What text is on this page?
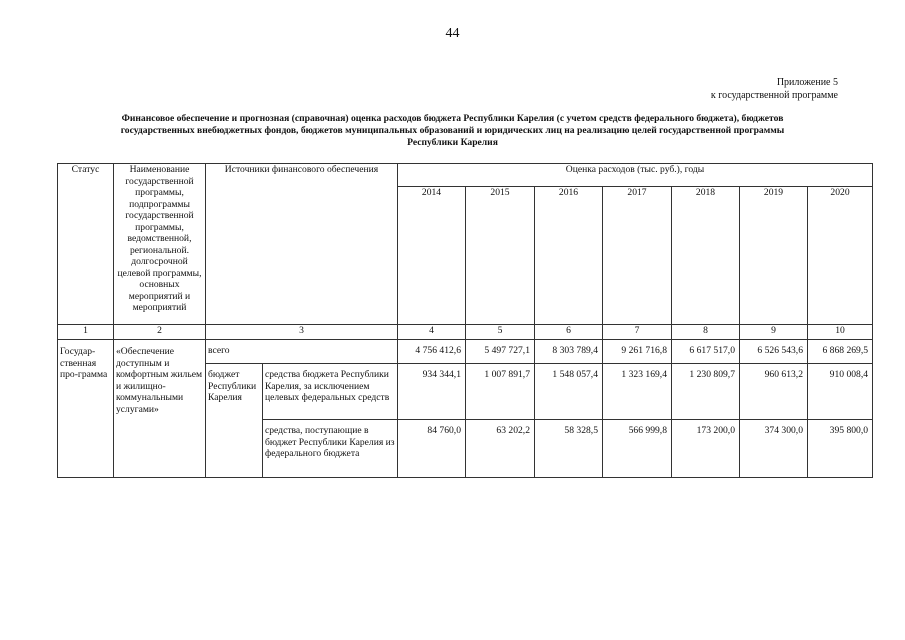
44
Приложение 5
к государственной программе
Финансовое обеспечение и прогнозная (справочная) оценка расходов бюджета Республики Карелия (с учетом средств федерального бюджета), бюджетов
государственных внебюджетных фондов, бюджетов муниципальных образований и юридических лиц на реализацию целей государственной программы
Республики Карелия
Статус	Наименование государственной программы, подпрограммы государственной программы, ведомственной, региональной. долгосрочной целевой программы, основных мероприятий и мероприятий	Источники финансового обеспечения		Оценка расходов (тыс. руб.), годы						
				2014	2015	2016	2017	2018	2019	2020
1	2	3		4	5	6	7	8	9	10
Государ-ственная про-грамма	«Обеспечение доступным и комфортным жильем и жилищно-коммунальными услугами»	всего		4 756 412,6	5 497 727,1	8 303 789,4	9 261 716,8	6 617 517,0	6 526 543,6	6 868 269,5
		бюджет Республики Карелия	средства бюджета Республики Карелия, за исключением целевых федеральных средств	934 344,1	1 007 891,7	1 548 057,4	1 323 169,4	1 230 809,7	960 613,2	910 008,4
			средства, поступающие в бюджет Республики Карелия из федерального бюджета	84 760,0	63 202,2	58 328,5	566 999,8	173 200,0	374 300,0	395 800,0
